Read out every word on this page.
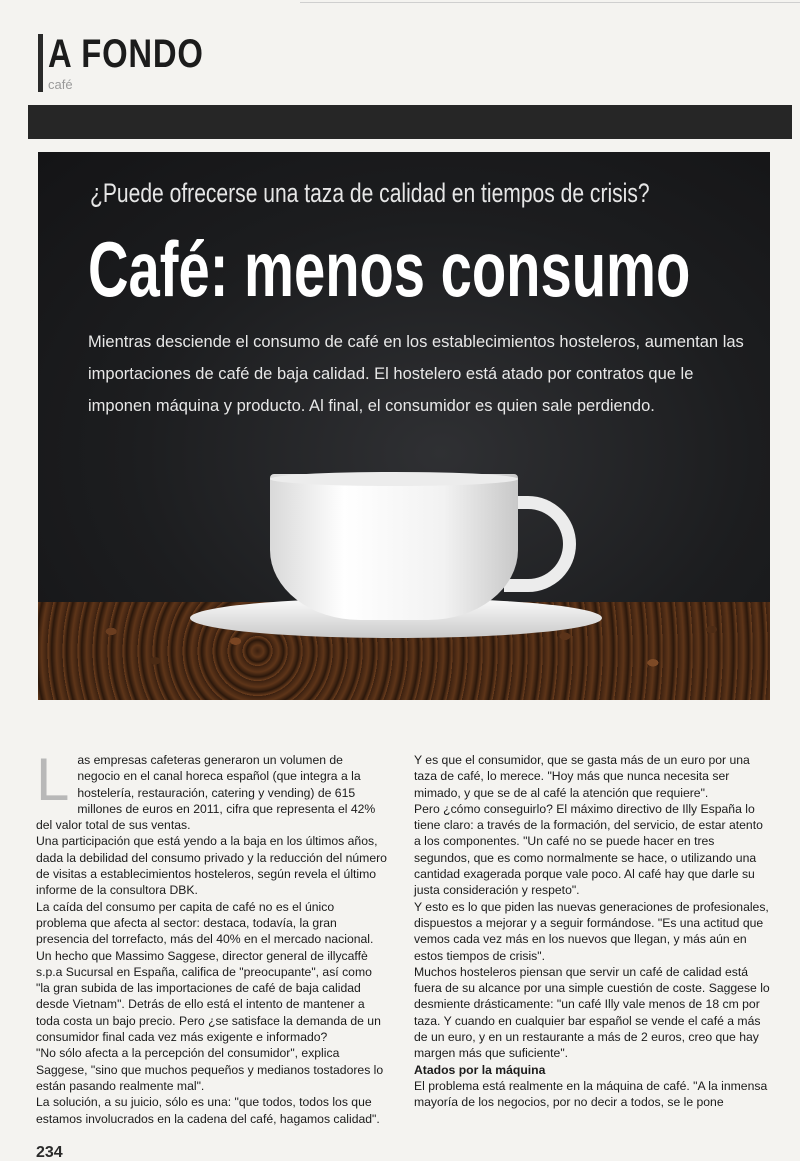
A FONDO
café
¿Puede ofrecerse una taza de calidad en tiempos de crisis?
Café: menos consumo
Mientras desciende el consumo de café en los establecimientos hosteleros, aumentan las importaciones de café de baja calidad. El hostelero está atado por contratos que le imponen máquina y producto. Al final, el consumidor es quien sale perdiendo.

Las empresas cafeteras generaron un volumen de negocio en el canal horeca español (que integra a la hostelería, restauración, catering y vending) de 615 millones de euros en 2011, cifra que representa el 42% del valor total de sus ventas.

Una participación que está yendo a la baja en los últimos años, dada la debilidad del consumo privado y la reducción del número de visitas a establecimientos hosteleros, según revela el último informe de la consultora DBK.

La caída del consumo per capita de café no es el único problema que afecta al sector: destaca, todavía, la gran presencia del torrefacto, más del 40% en el mercado nacional. Un hecho que Massimo Saggese, director general de illycaffè s.p.a Sucursal en España, califica de "preocupante", así como "la gran subida de las importaciones de café de baja calidad desde Vietnam". Detrás de ello está el intento de mantener a toda costa un bajo precio. Pero ¿se satisface la demanda de un consumidor final cada vez más exigente e informado?

"No sólo afecta a la percepción del consumidor", explica Saggese, "sino que muchos pequeños y medianos tostadores lo están pasando realmente mal".

La solución, a su juicio, sólo es una: "que todos, todos los que estamos involucrados en la cadena del café, hagamos calidad".

Y es que el consumidor, que se gasta más de un euro por una taza de café, lo merece. "Hoy más que nunca necesita ser mimado, y que se de al café la atención que requiere".

Pero ¿cómo conseguirlo? El máximo directivo de Illy España lo tiene claro: a través de la formación, del servicio, de estar atento a los componentes. "Un café no se puede hacer en tres segundos, que es como normalmente se hace, o utilizando una cantidad exagerada porque vale poco. Al café hay que darle su justa consideración y respeto".

Y esto es lo que piden las nuevas generaciones de profesionales, dispuestos a mejorar y a seguir formándose. "Es una actitud que vemos cada vez más en los nuevos que llegan, y más aún en estos tiempos de crisis".

Muchos hosteleros piensan que servir un café de calidad está fuera de su alcance por una simple cuestión de coste. Saggese lo desmiente drásticamente: "un café Illy vale menos de 18 cm por taza. Y cuando en cualquier bar español se vende el café a más de un euro, y en un restaurante a más de 2 euros, creo que hay margen más que suficiente".

Atados por la máquina

El problema está realmente en la máquina de café. "A la inmensa mayoría de los negocios, por no decir a todos, se le pone

234
